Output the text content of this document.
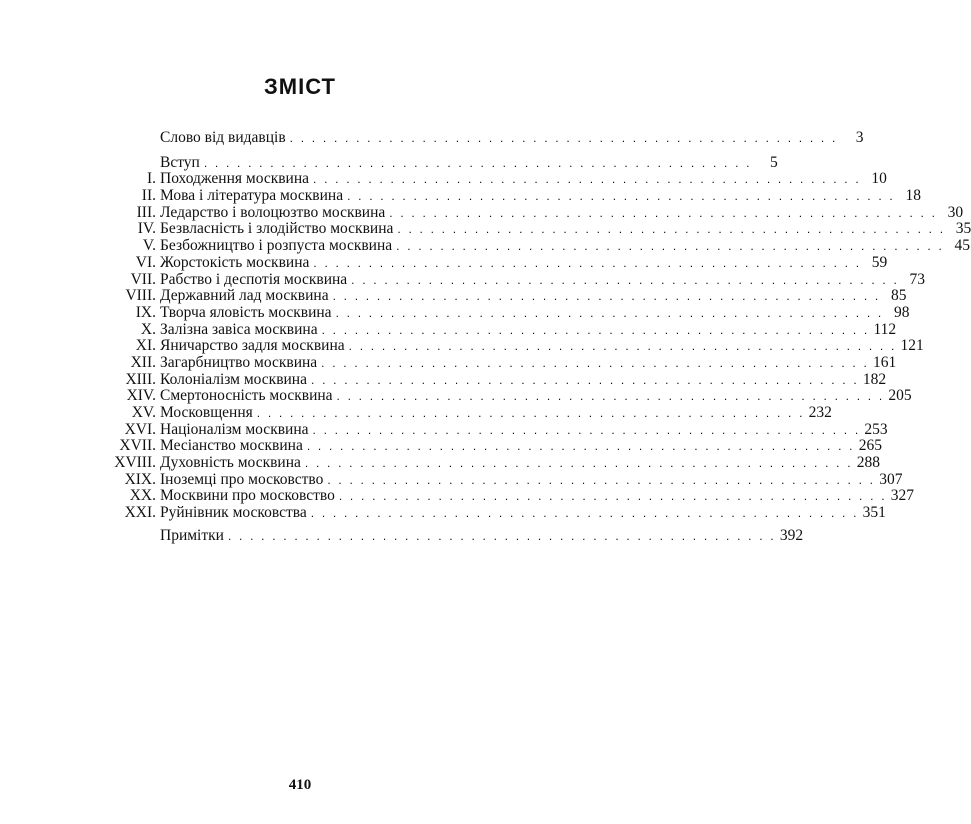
ЗМІСТ
Слово від видавців . . . . . . . . . . . . . . . . . . . . . . . . . . . . . . . . . . . . . . . . . . . . . . . . . .	3
Вступ . . . . . . . . . . . . . . . . . . . . . . . . . . . . . . . . . . . . . . . . . . . . . . . . . .	5
I. Походження москвина . . . . . . . . . . . . . . . . . . . . . . . . . . . . . . . . . . . . . . . . . . . . . . . . . . 10
II. Мова і література москвина . . . . . . . . . . . . . . . . . . . . . . . . . . . . . . . . . . . . . . . . . . . . . . . . . . 18
III. Ледарство і волоцюзтво москвина . . . . . . . . . . . . . . . . . . . . . . . . . . . . . . . . . . . . . . . . . . . . . . . . . . 30
IV. Безвласність і злодійство москвина . . . . . . . . . . . . . . . . . . . . . . . . . . . . . . . . . . . . . . . . . . . . . . . . . . 35
V. Безбожництво і розпуста москвина . . . . . . . . . . . . . . . . . . . . . . . . . . . . . . . . . . . . . . . . . . . . . . . . . . 45
VI. Жорстокість москвина . . . . . . . . . . . . . . . . . . . . . . . . . . . . . . . . . . . . . . . . . . . . . . . . . . 59
VII. Рабство і деспотія москвина . . . . . . . . . . . . . . . . . . . . . . . . . . . . . . . . . . . . . . . . . . . . . . . . . . 73
VIII. Державний лад москвина . . . . . . . . . . . . . . . . . . . . . . . . . . . . . . . . . . . . . . . . . . . . . . . . . . 85
IX. Творча яловість москвина . . . . . . . . . . . . . . . . . . . . . . . . . . . . . . . . . . . . . . . . . . . . . . . . . . 98
X. Залізна завіса москвина . . . . . . . . . . . . . . . . . . . . . . . . . . . . . . . . . . . . . . . . . . . . . . . . . . 112
XI. Яничарство задля москвина . . . . . . . . . . . . . . . . . . . . . . . . . . . . . . . . . . . . . . . . . . . . . . . . . . 121
XII. Загарбництво москвина . . . . . . . . . . . . . . . . . . . . . . . . . . . . . . . . . . . . . . . . . . . . . . . . . . 161
XIII. Колоніалізм москвина . . . . . . . . . . . . . . . . . . . . . . . . . . . . . . . . . . . . . . . . . . . . . . . . . . 182
XIV. Смертоносність москвина . . . . . . . . . . . . . . . . . . . . . . . . . . . . . . . . . . . . . . . . . . . . . . . . . . 205
XV. Московщення . . . . . . . . . . . . . . . . . . . . . . . . . . . . . . . . . . . . . . . . . . . . . . . . . . 232
XVI. Націоналізм москвина . . . . . . . . . . . . . . . . . . . . . . . . . . . . . . . . . . . . . . . . . . . . . . . . . . 253
XVII. Месіанство москвина . . . . . . . . . . . . . . . . . . . . . . . . . . . . . . . . . . . . . . . . . . . . . . . . . . 265
XVIII. Духовність москвина . . . . . . . . . . . . . . . . . . . . . . . . . . . . . . . . . . . . . . . . . . . . . . . . . . 288
XIX. Іноземці про московство . . . . . . . . . . . . . . . . . . . . . . . . . . . . . . . . . . . . . . . . . . . . . . . . . . 307
XX. Москвини про московство . . . . . . . . . . . . . . . . . . . . . . . . . . . . . . . . . . . . . . . . . . . . . . . . . . 327
XXI. Руйнівник московства . . . . . . . . . . . . . . . . . . . . . . . . . . . . . . . . . . . . . . . . . . . . . . . . . . 351
Примітки . . . . . . . . . . . . . . . . . . . . . . . . . . . . . . . . . . . . . . . . . . . . . . . . . . 392
410
